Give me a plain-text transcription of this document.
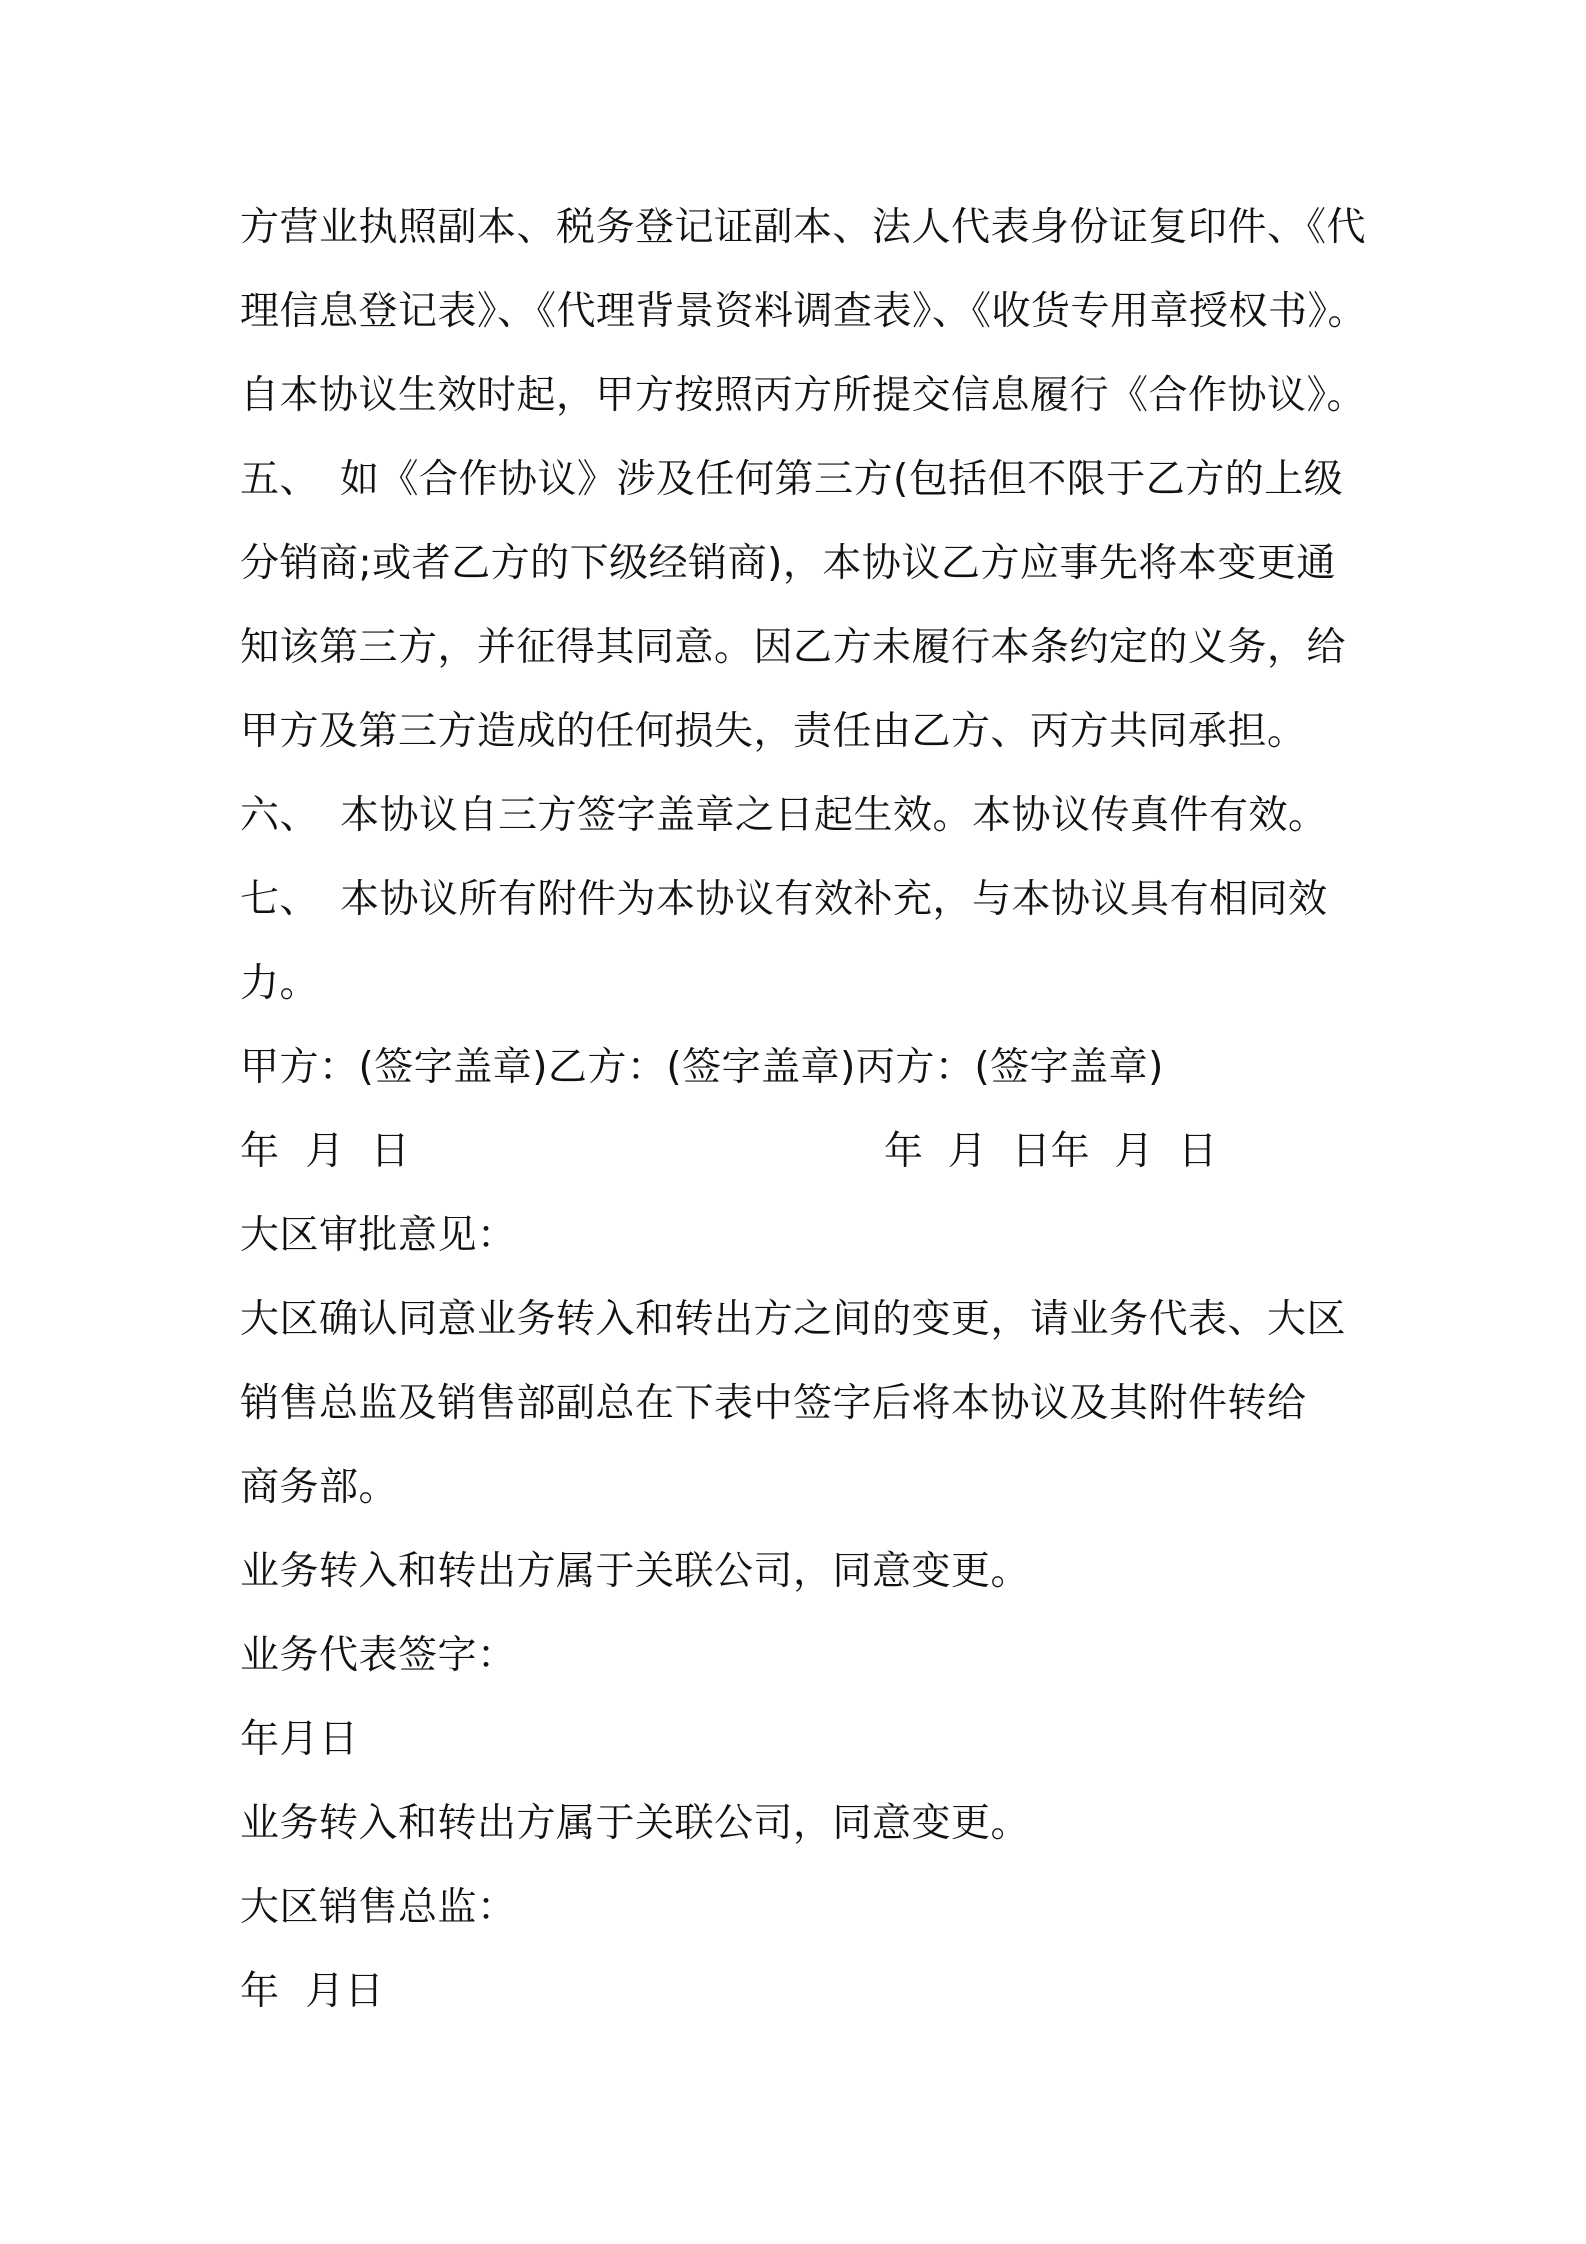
方营业执照副本、税务登记证副本、法人代表身份证复印件、《代
理信息登记表》、《代理背景资料调查表》、《收货专用章授权书》。
自本协议生效时起，甲方按照丙方所提交信息履行《合作协议》。
五、 如《合作协议》涉及任何第三方(包括但不限于乙方的上级
分销商;或者乙方的下级经销商)，本协议乙方应事先将本变更通
知该第三方，并征得其同意。因乙方未履行本条约定的义务，给
甲方及第三方造成的任何损失，责任由乙方、丙方共同承担。
六、 本协议自三方签字盖章之日起生效。本协议传真件有效。
七、 本协议所有附件为本协议有效补充，与本协议具有相同效
力。
甲方：(签字盖章)乙方：(签字盖章)丙方：(签字盖章)
年  月  日	年  月  日年  月  日
大区审批意见：
大区确认同意业务转入和转出方之间的变更，请业务代表、大区
销售总监及销售部副总在下表中签字后将本协议及其附件转给
商务部。
业务转入和转出方属于关联公司，同意变更。
业务代表签字：
年月日
业务转入和转出方属于关联公司，同意变更。
大区销售总监：
年  月日
